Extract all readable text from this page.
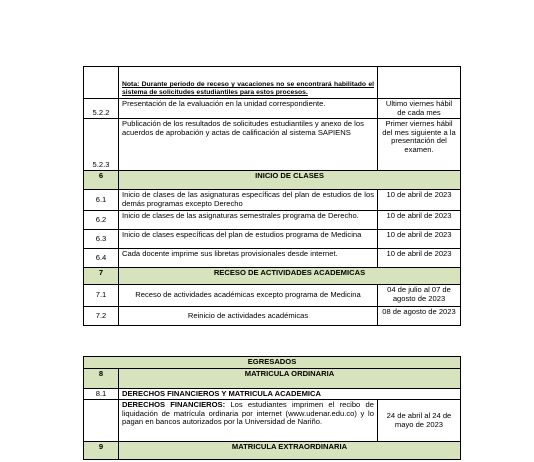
	Nota: Durante periodo de receso y vacaciones no se encontrará habilitado el sistema de solicitudes estudiantiles para estos procesos.	
5.2.2	Presentación de la evaluación en la unidad correspondiente.	Ultimo viernes hábil de cada mes
5.2.3	Publicación de los resultados de solicitudes estudiantiles y anexo de los acuerdos de aprobación y actas de calificación al sistema SAPIENS	Primer viernes hábil del mes siguiente a la presentación del examen.
6	INICIO DE CLASES	
6.1	Inicio de clases de las asignaturas específicas del plan de estudios de los demás programas excepto Derecho	10 de abril de 2023
6.2	Inicio de clases de las asignaturas semestrales programa de Derecho.	10 de abril de 2023
6.3	Inicio de clases específicas del plan de estudios programa de Medicina	10 de abril de 2023
6.4	Cada docente imprime sus libretas provisionales desde internet.	10 de abril de 2023
7	RECESO DE ACTIVIDADES ACADEMICAS	
7.1	Receso de actividades académicas excepto programa de Medicina	04 de julio al 07 de agosto de 2023
7.2	Reinicio de actividades académicas	08 de agosto de 2023
EGRESADOS		
8	MATRICULA ORDINARIA	
8.1	DERECHOS FINANCIEROS Y MATRICULA ACADEMICA	
	DERECHOS FINANCIEROS: Los estudiantes imprimen el recibo de liquidación de matrícula ordinaria por internet (www.udenar.edu.co) y lo pagan en bancos autorizados por la Universidad de Nariño.	24 de abril al 24 de mayo de 2023
9	MATRICULA EXTRAORDINARIA	
